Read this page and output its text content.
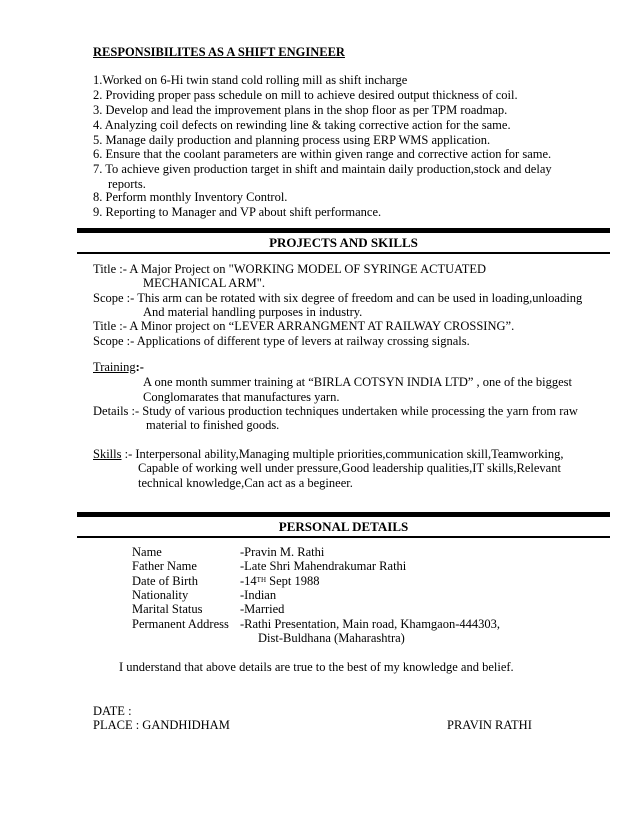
RESPONSIBILITES AS A SHIFT ENGINEER
1.Worked on 6-Hi twin stand cold rolling mill as shift incharge
2. Providing proper pass schedule on mill to achieve desired output thickness of coil.
3. Develop and lead the improvement plans in the shop floor as per TPM roadmap.
4. Analyzing coil defects on rewinding line & taking corrective action for the same.
5. Manage daily production and planning process using ERP WMS application.
6. Ensure that the coolant parameters are within given range and corrective action for same.
7. To achieve given production target in shift and maintain daily production,stock and delay
reports.
8. Perform monthly Inventory Control.
9. Reporting to Manager and VP about shift performance.
PROJECTS AND SKILLS
Title :- A Major Project on "WORKING MODEL OF SYRINGE ACTUATED
MECHANICAL ARM".
Scope :- This arm can be rotated with six degree of freedom and can be used in loading,unloading
And material handling purposes in industry.
Title :- A Minor project on “LEVER ARRANGMENT AT RAILWAY CROSSING”.
Scope :- Applications of different type of levers at railway crossing signals.
Training:-
A one month summer training at “BIRLA COTSYN INDIA LTD” , one of the biggest
Conglomarates that manufactures yarn.
Details :- Study of various production techniques undertaken while processing the yarn from raw
material to finished goods.
Skills :- Interpersonal ability,Managing multiple priorities,communication skill,Teamworking,
Capable of working well under pressure,Good leadership qualities,IT skills,Relevant
technical knowledge,Can act as a begineer.
PERSONAL DETAILS
Name	-Pravin M. Rathi
Father Name	-Late Shri Mahendrakumar Rathi
Date of Birth	-14TH Sept 1988
Nationality	-Indian
Marital Status	-Married
Permanent Address -Rathi Presentation, Main road, Khamgaon-444303,
Dist-Buldhana (Maharashtra)
I understand that above details are true to the best of my knowledge and belief.
DATE :
PLACE : GANDHIDHAM	PRAVIN RATHI
